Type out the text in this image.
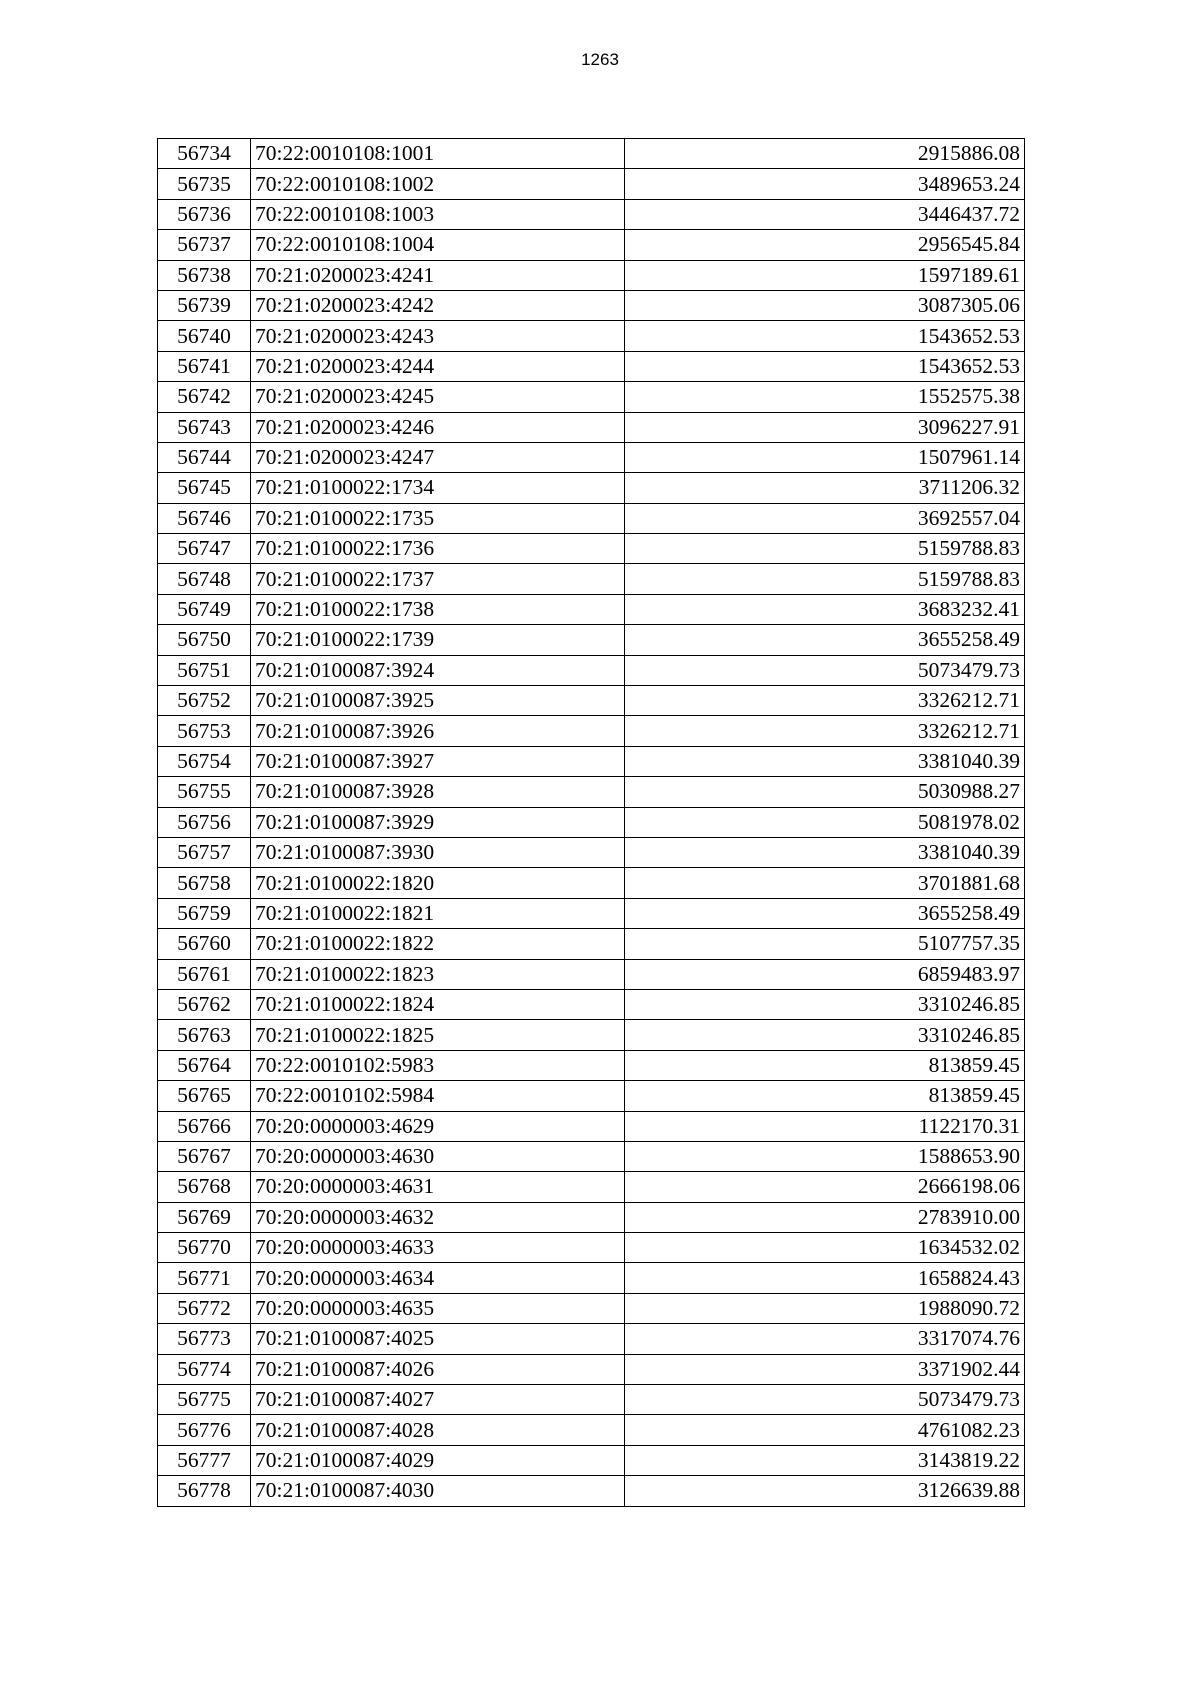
1263
56734	70:22:0010108:1001	2915886.08
56735	70:22:0010108:1002	3489653.24
56736	70:22:0010108:1003	3446437.72
56737	70:22:0010108:1004	2956545.84
56738	70:21:0200023:4241	1597189.61
56739	70:21:0200023:4242	3087305.06
56740	70:21:0200023:4243	1543652.53
56741	70:21:0200023:4244	1543652.53
56742	70:21:0200023:4245	1552575.38
56743	70:21:0200023:4246	3096227.91
56744	70:21:0200023:4247	1507961.14
56745	70:21:0100022:1734	3711206.32
56746	70:21:0100022:1735	3692557.04
56747	70:21:0100022:1736	5159788.83
56748	70:21:0100022:1737	5159788.83
56749	70:21:0100022:1738	3683232.41
56750	70:21:0100022:1739	3655258.49
56751	70:21:0100087:3924	5073479.73
56752	70:21:0100087:3925	3326212.71
56753	70:21:0100087:3926	3326212.71
56754	70:21:0100087:3927	3381040.39
56755	70:21:0100087:3928	5030988.27
56756	70:21:0100087:3929	5081978.02
56757	70:21:0100087:3930	3381040.39
56758	70:21:0100022:1820	3701881.68
56759	70:21:0100022:1821	3655258.49
56760	70:21:0100022:1822	5107757.35
56761	70:21:0100022:1823	6859483.97
56762	70:21:0100022:1824	3310246.85
56763	70:21:0100022:1825	3310246.85
56764	70:22:0010102:5983	813859.45
56765	70:22:0010102:5984	813859.45
56766	70:20:0000003:4629	1122170.31
56767	70:20:0000003:4630	1588653.90
56768	70:20:0000003:4631	2666198.06
56769	70:20:0000003:4632	2783910.00
56770	70:20:0000003:4633	1634532.02
56771	70:20:0000003:4634	1658824.43
56772	70:20:0000003:4635	1988090.72
56773	70:21:0100087:4025	3317074.76
56774	70:21:0100087:4026	3371902.44
56775	70:21:0100087:4027	5073479.73
56776	70:21:0100087:4028	4761082.23
56777	70:21:0100087:4029	3143819.22
56778	70:21:0100087:4030	3126639.88
